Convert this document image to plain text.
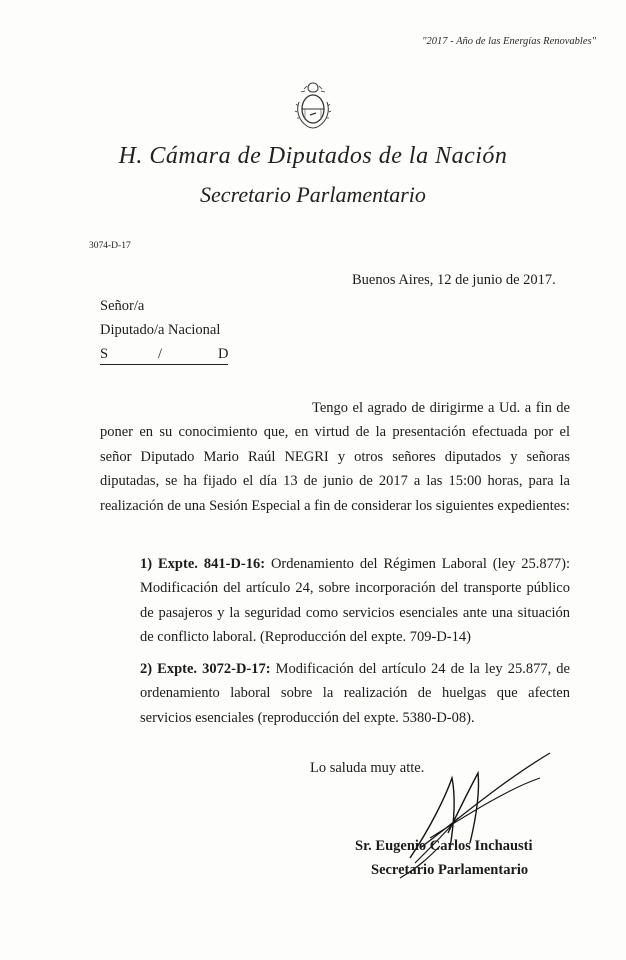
"2017 - Año de las Energías Renovables"
H. Cámara de Diputados de la Nación
Secretario Parlamentario
3074-D-17
Buenos Aires, 12 de junio de 2017.
Señor/a
Diputado/a Nacional
S	/	D

Tengo el agrado de dirigirme a Ud. a fin de poner en su conocimiento que, en virtud de la presentación efectuada por el señor Diputado Mario Raúl NEGRI y otros señores diputados y señoras diputadas, se ha fijado el día 13 de junio de 2017 a las 15:00 horas, para la realización de una Sesión Especial a fin de considerar los siguientes expedientes:

1) Expte. 841-D-16: Ordenamiento del Régimen Laboral (ley 25.877): Modificación del artículo 24, sobre incorporación del transporte público de pasajeros y la seguridad como servicios esenciales ante una situación de conflicto laboral. (Reproducción del expte. 709-D-14)

2) Expte. 3072-D-17: Modificación del artículo 24 de la ley 25.877, de ordenamiento laboral sobre la realización de huelgas que afecten servicios esenciales (reproducción del expte. 5380-D-08).

Lo saluda muy atte.
Sr. Eugenio Carlos Inchausti
Secretario Parlamentario
